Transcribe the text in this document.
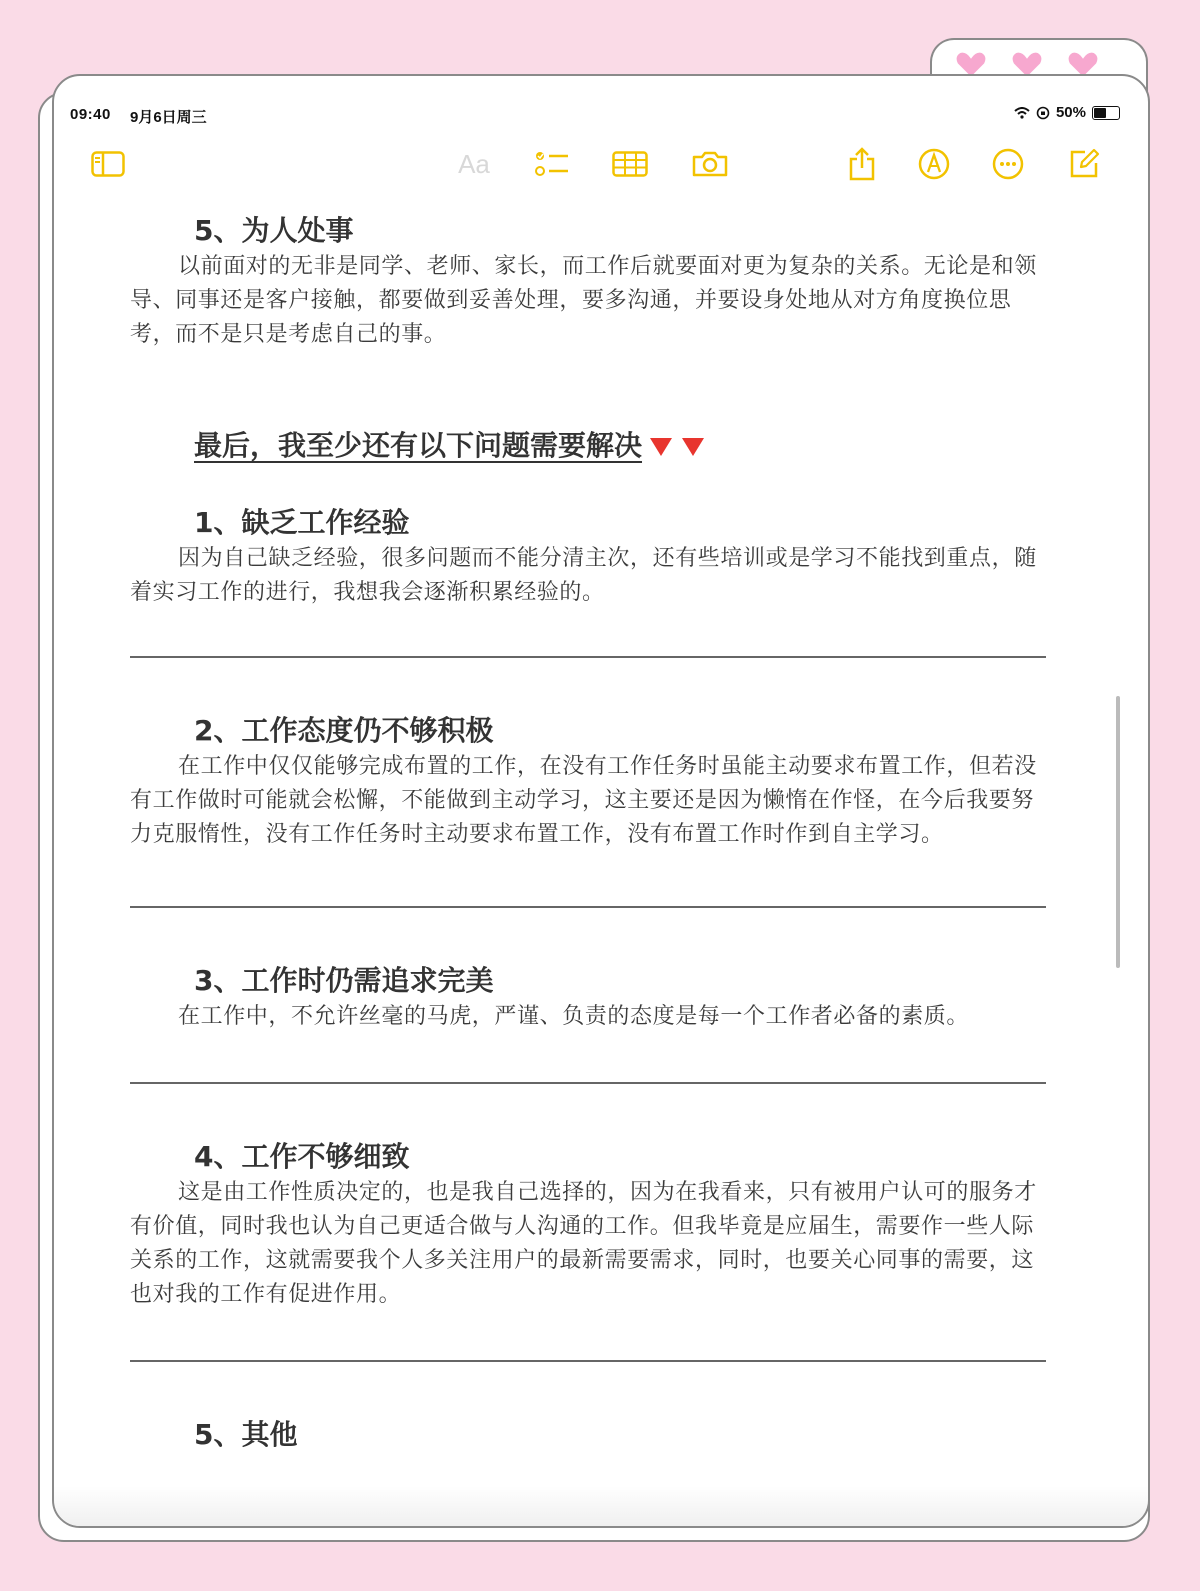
09:40 9月6日周三	50%
Aa
5、为人处事

以前面对的无非是同学、老师、家长，而工作后就要面对更为复杂的关系。无论是和领导、同事还是客户接触，都要做到妥善处理，要多沟通，并要设身处地从对方角度换位思考，而不是只是考虑自己的事。

最后，我至少还有以下问题需要解决
1、缺乏工作经验

因为自己缺乏经验，很多问题而不能分清主次，还有些培训或是学习不能找到重点，随着实习工作的进行，我想我会逐渐积累经验的。

2、工作态度仍不够积极

在工作中仅仅能够完成布置的工作，在没有工作任务时虽能主动要求布置工作，但若没有工作做时可能就会松懈，不能做到主动学习，这主要还是因为懒惰在作怪，在今后我要努力克服惰性，没有工作任务时主动要求布置工作，没有布置工作时作到自主学习。

3、工作时仍需追求完美

在工作中，不允许丝毫的马虎，严谨、负责的态度是每一个工作者必备的素质。

4、工作不够细致

这是由工作性质决定的，也是我自己选择的，因为在我看来，只有被用户认可的服务才有价值，同时我也认为自己更适合做与人沟通的工作。但我毕竟是应届生，需要作一些人际关系的工作，这就需要我个人多关注用户的最新需要需求，同时，也要关心同事的需要，这也对我的工作有促进作用。

5、其他
